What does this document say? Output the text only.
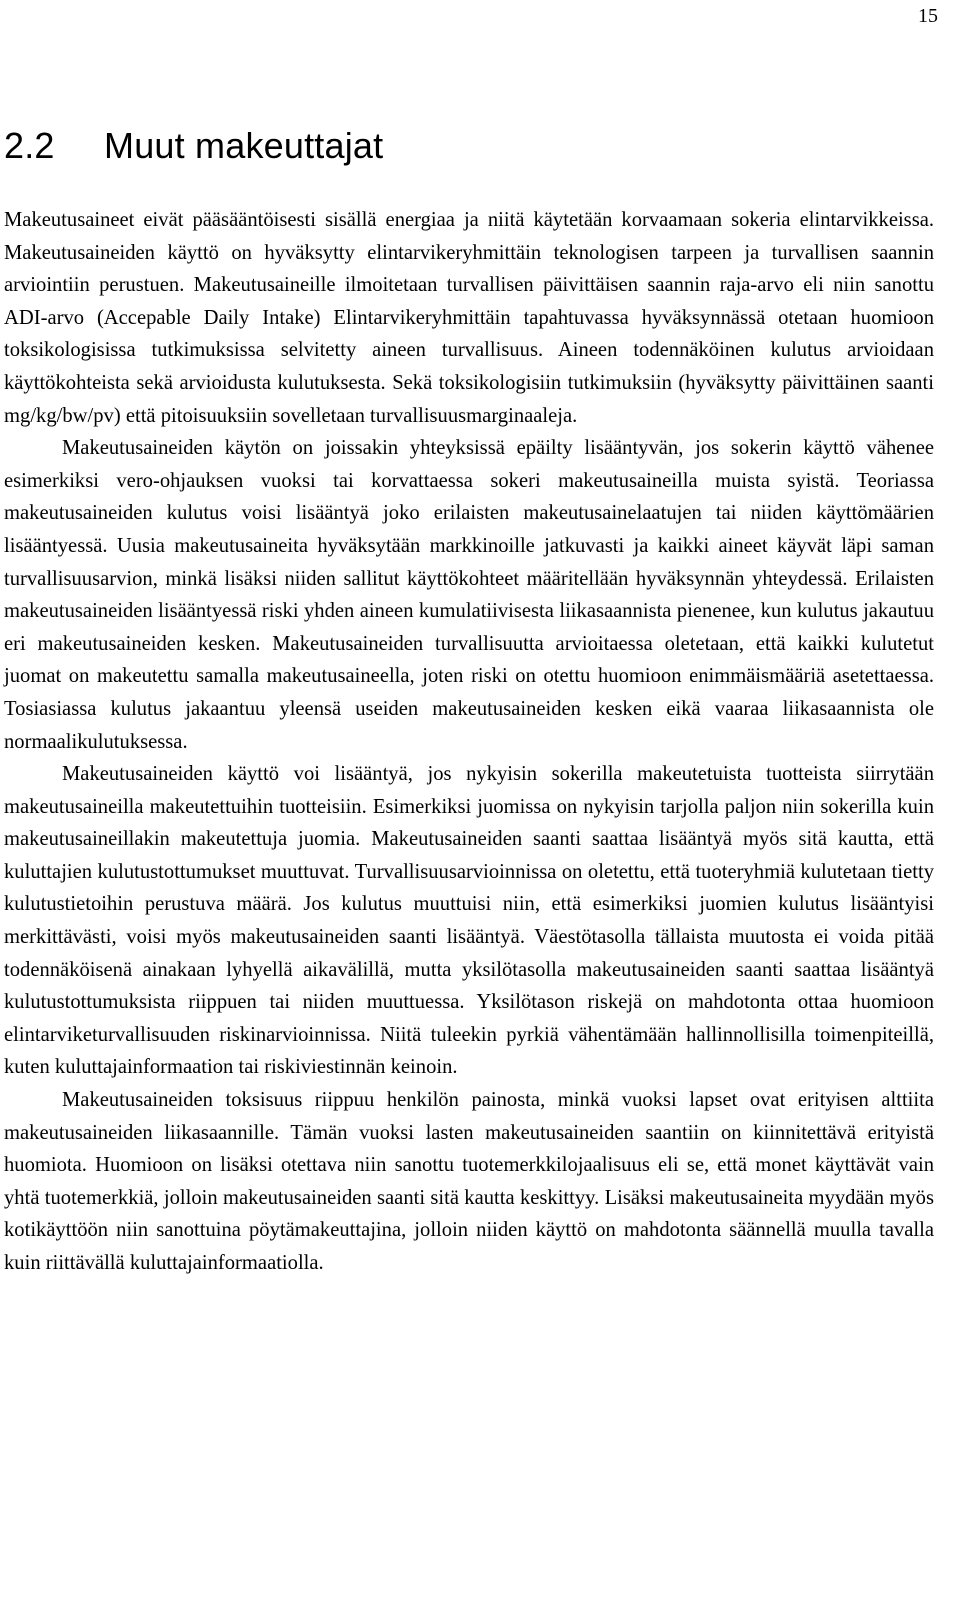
15
2.2 Muut makeuttajat

Makeutusaineet eivät pääsääntöisesti sisällä energiaa ja niitä käytetään korvaamaan sokeria elintarvikkeissa. Makeutusaineiden käyttö on hyväksytty elintarvikeryhmittäin teknologisen tarpeen ja turvallisen saannin arviointiin perustuen. Makeutusaineille ilmoitetaan turvallisen päivittäisen saannin raja-arvo eli niin sanottu ADI-arvo (Accepable Daily Intake) Elintarvikeryhmittäin tapahtuvassa hyväksynnässä otetaan huomioon toksikologisissa tutkimuksissa selvitetty aineen turvallisuus. Aineen todennäköinen kulutus arvioidaan käyttökohteista sekä arvioidusta kulutuksesta. Sekä toksikologisiin tutkimuksiin (hyväksytty päivittäinen saanti mg/kg/bw/pv) että pitoisuuksiin sovelletaan turvallisuusmarginaaleja.

Makeutusaineiden käytön on joissakin yhteyksissä epäilty lisääntyvän, jos sokerin käyttö vähenee esimerkiksi vero-ohjauksen vuoksi tai korvattaessa sokeri makeutusaineilla muista syistä. Teoriassa makeutusaineiden kulutus voisi lisääntyä joko erilaisten makeutusainelaatujen tai niiden käyttömäärien lisääntyessä. Uusia makeutusaineita hyväksytään markkinoille jatkuvasti ja kaikki aineet käyvät läpi saman turvallisuusarvion, minkä lisäksi niiden sallitut käyttökohteet määritellään hyväksynnän yhteydessä. Erilaisten makeutusaineiden lisääntyessä riski yhden aineen kumulatiivisesta liikasaannista pienenee, kun kulutus jakautuu eri makeutusaineiden kesken. Makeutusaineiden turvallisuutta arvioitaessa oletetaan, että kaikki kulutetut juomat on makeutettu samalla makeutusaineella, joten riski on otettu huomioon enimmäismääriä asetettaessa. Tosiasiassa kulutus jakaantuu yleensä useiden makeutusaineiden kesken eikä vaaraa liikasaannista ole normaalikulutuksessa.

Makeutusaineiden käyttö voi lisääntyä, jos nykyisin sokerilla makeutetuista tuotteista siirrytään makeutusaineilla makeutettuihin tuotteisiin. Esimerkiksi juomissa on nykyisin tarjolla paljon niin sokerilla kuin makeutusaineillakin makeutettuja juomia. Makeutusaineiden saanti saattaa lisääntyä myös sitä kautta, että kuluttajien kulutustottumukset muuttuvat. Turvallisuusarvioinnissa on oletettu, että tuoteryhmiä kulutetaan tietty kulutustietoihin perustuva määrä. Jos kulutus muuttuisi niin, että esimerkiksi juomien kulutus lisääntyisi merkittävästi, voisi myös makeutusaineiden saanti lisääntyä. Väestötasolla tällaista muutosta ei voida pitää todennäköisenä ainakaan lyhyellä aikavälillä, mutta yksilötasolla makeutusaineiden saanti saattaa lisääntyä kulutustottumuksista riippuen tai niiden muuttuessa. Yksilötason riskejä on mahdotonta ottaa huomioon elintarviketurvallisuuden riskinarvioinnissa. Niitä tuleekin pyrkiä vähentämään hallinnollisilla toimenpiteillä, kuten kuluttajainformaation tai riskiviestinnän keinoin.

Makeutusaineiden toksisuus riippuu henkilön painosta, minkä vuoksi lapset ovat erityisen alttiita makeutusaineiden liikasaannille. Tämän vuoksi lasten makeutusaineiden saantiin on kiinnitettävä erityistä huomiota. Huomioon on lisäksi otettava niin sanottu tuotemerkkilojaalisuus eli se, että monet käyttävät vain yhtä tuotemerkkiä, jolloin makeutusaineiden saanti sitä kautta keskittyy. Lisäksi makeutusaineita myydään myös kotikäyttöön niin sanottuina pöytämakeuttajina, jolloin niiden käyttö on mahdotonta säännellä muulla tavalla kuin riittävällä kuluttajainformaatiolla.
